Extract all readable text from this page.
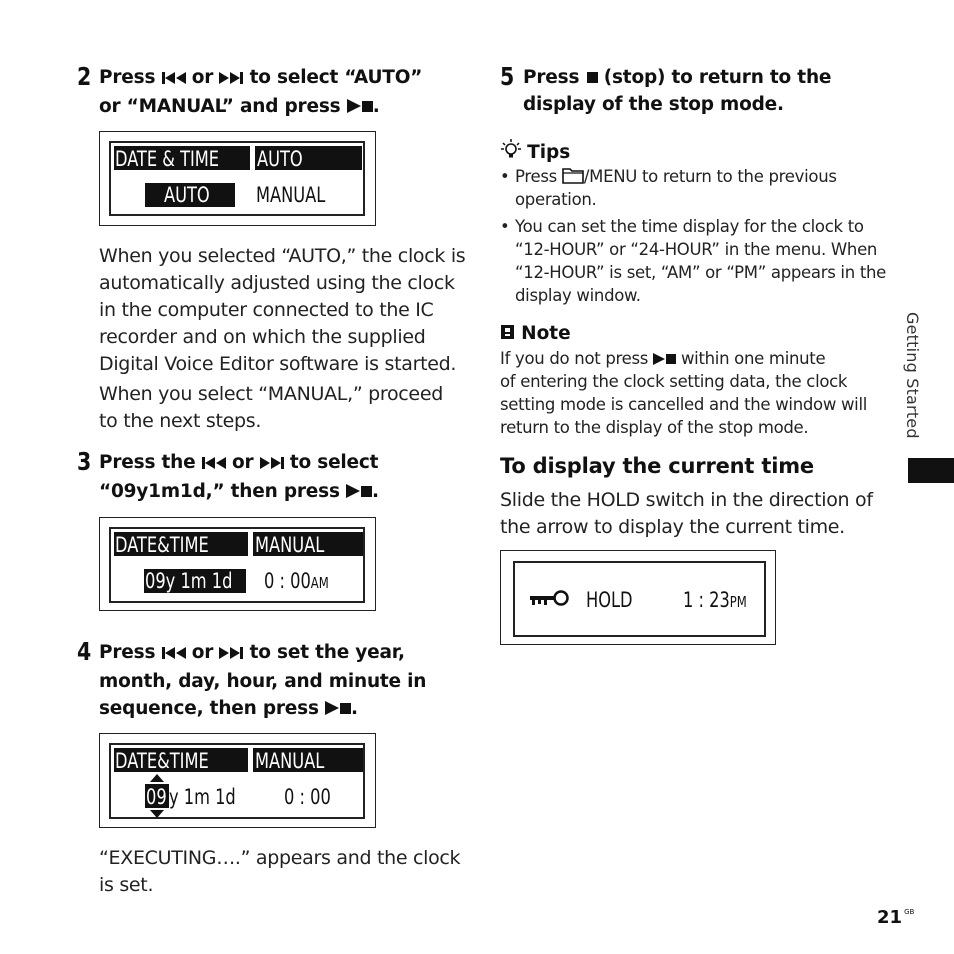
2 Press  or  to select “AUTO”
or “MANUAL” and press .
DATE & TIME AUTO
AUTO MANUAL
When you selected “AUTO,” the clock is
automatically adjusted using the clock
in the computer connected to the IC
recorder and on which the supplied
Digital Voice Editor software is started.
When you select “MANUAL,” proceed
to the next steps.
3 Press the  or  to select
“09y1m1d,” then press .
DATE&TIME MANUAL
09y 1m 1d 0 : 00AM
4 Press  or  to set the year,
month, day, hour, and minute in
sequence, then press .
DATE&TIME MANUAL
09 y 1m 1d 0 : 00
“EXECUTING….” appears and the clock
is set.
5 Press  (stop) to return to the
display of the stop mode.
Tips
• Press /MENU to return to the previous
operation.
• You can set the time display for the clock to
“12-HOUR” or “24-HOUR” in the menu. When
“12-HOUR” is set, “AM” or “PM” appears in the
display window.
Note
If you do not press  within one minute
of entering the clock setting data, the clock
setting mode is cancelled and the window will
return to the display of the stop mode.
To display the current time
Slide the HOLD switch in the direction of
the arrow to display the current time.
HOLD 1 : 23PM
Getting Started
21 $^{GB}$
